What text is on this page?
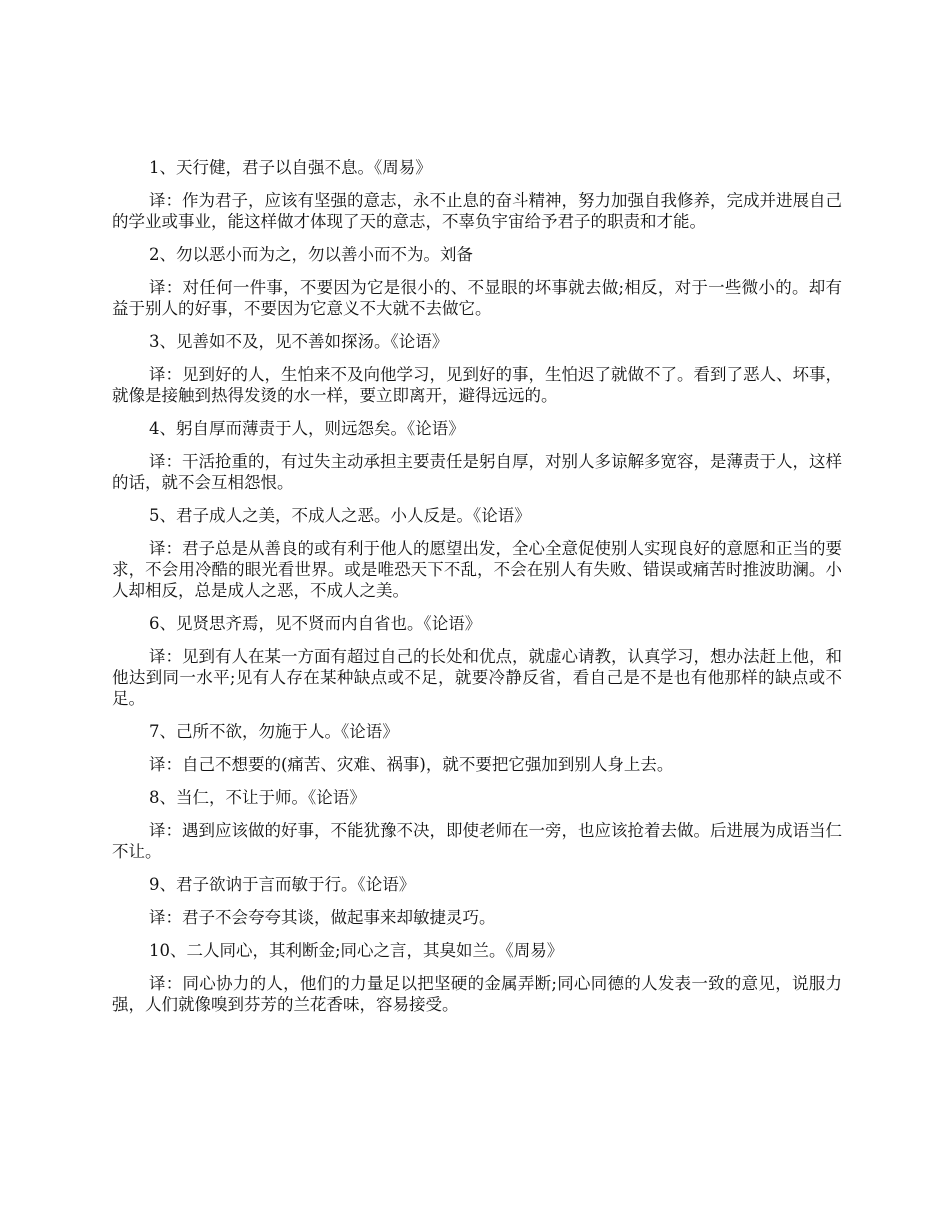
1、天行健，君子以自强不息。《周易》

译：作为君子，应该有坚强的意志，永不止息的奋斗精神，努力加强自我修养，完成并进展自己的学业或事业，能这样做才体现了天的意志，不辜负宇宙给予君子的职责和才能。

2、勿以恶小而为之，勿以善小而不为。刘备

译：对任何一件事，不要因为它是很小的、不显眼的坏事就去做;相反，对于一些微小的。却有益于别人的好事，不要因为它意义不大就不去做它。

3、见善如不及，见不善如探汤。《论语》

译：见到好的人，生怕来不及向他学习，见到好的事，生怕迟了就做不了。看到了恶人、坏事，就像是接触到热得发烫的水一样，要立即离开，避得远远的。

4、躬自厚而薄责于人，则远怨矣。《论语》

译：干活抢重的，有过失主动承担主要责任是躬自厚，对别人多谅解多宽容，是薄责于人，这样的话，就不会互相怨恨。

5、君子成人之美，不成人之恶。小人反是。《论语》

译：君子总是从善良的或有利于他人的愿望出发，全心全意促使别人实现良好的意愿和正当的要求，不会用冷酷的眼光看世界。或是唯恐天下不乱，不会在别人有失败、错误或痛苦时推波助澜。小人却相反，总是成人之恶，不成人之美。

6、见贤思齐焉，见不贤而内自省也。《论语》

译：见到有人在某一方面有超过自己的长处和优点，就虚心请教，认真学习，想办法赶上他，和他达到同一水平;见有人存在某种缺点或不足，就要冷静反省，看自己是不是也有他那样的缺点或不足。

7、己所不欲，勿施于人。《论语》

译：自己不想要的(痛苦、灾难、祸事)，就不要把它强加到别人身上去。

8、当仁，不让于师。《论语》

译：遇到应该做的好事，不能犹豫不决，即使老师在一旁，也应该抢着去做。后进展为成语当仁不让。

9、君子欲讷于言而敏于行。《论语》

译：君子不会夸夸其谈，做起事来却敏捷灵巧。

10、二人同心，其利断金;同心之言，其臭如兰。《周易》

译：同心协力的人，他们的力量足以把坚硬的金属弄断;同心同德的人发表一致的意见，说服力强，人们就像嗅到芬芳的兰花香味，容易接受。
